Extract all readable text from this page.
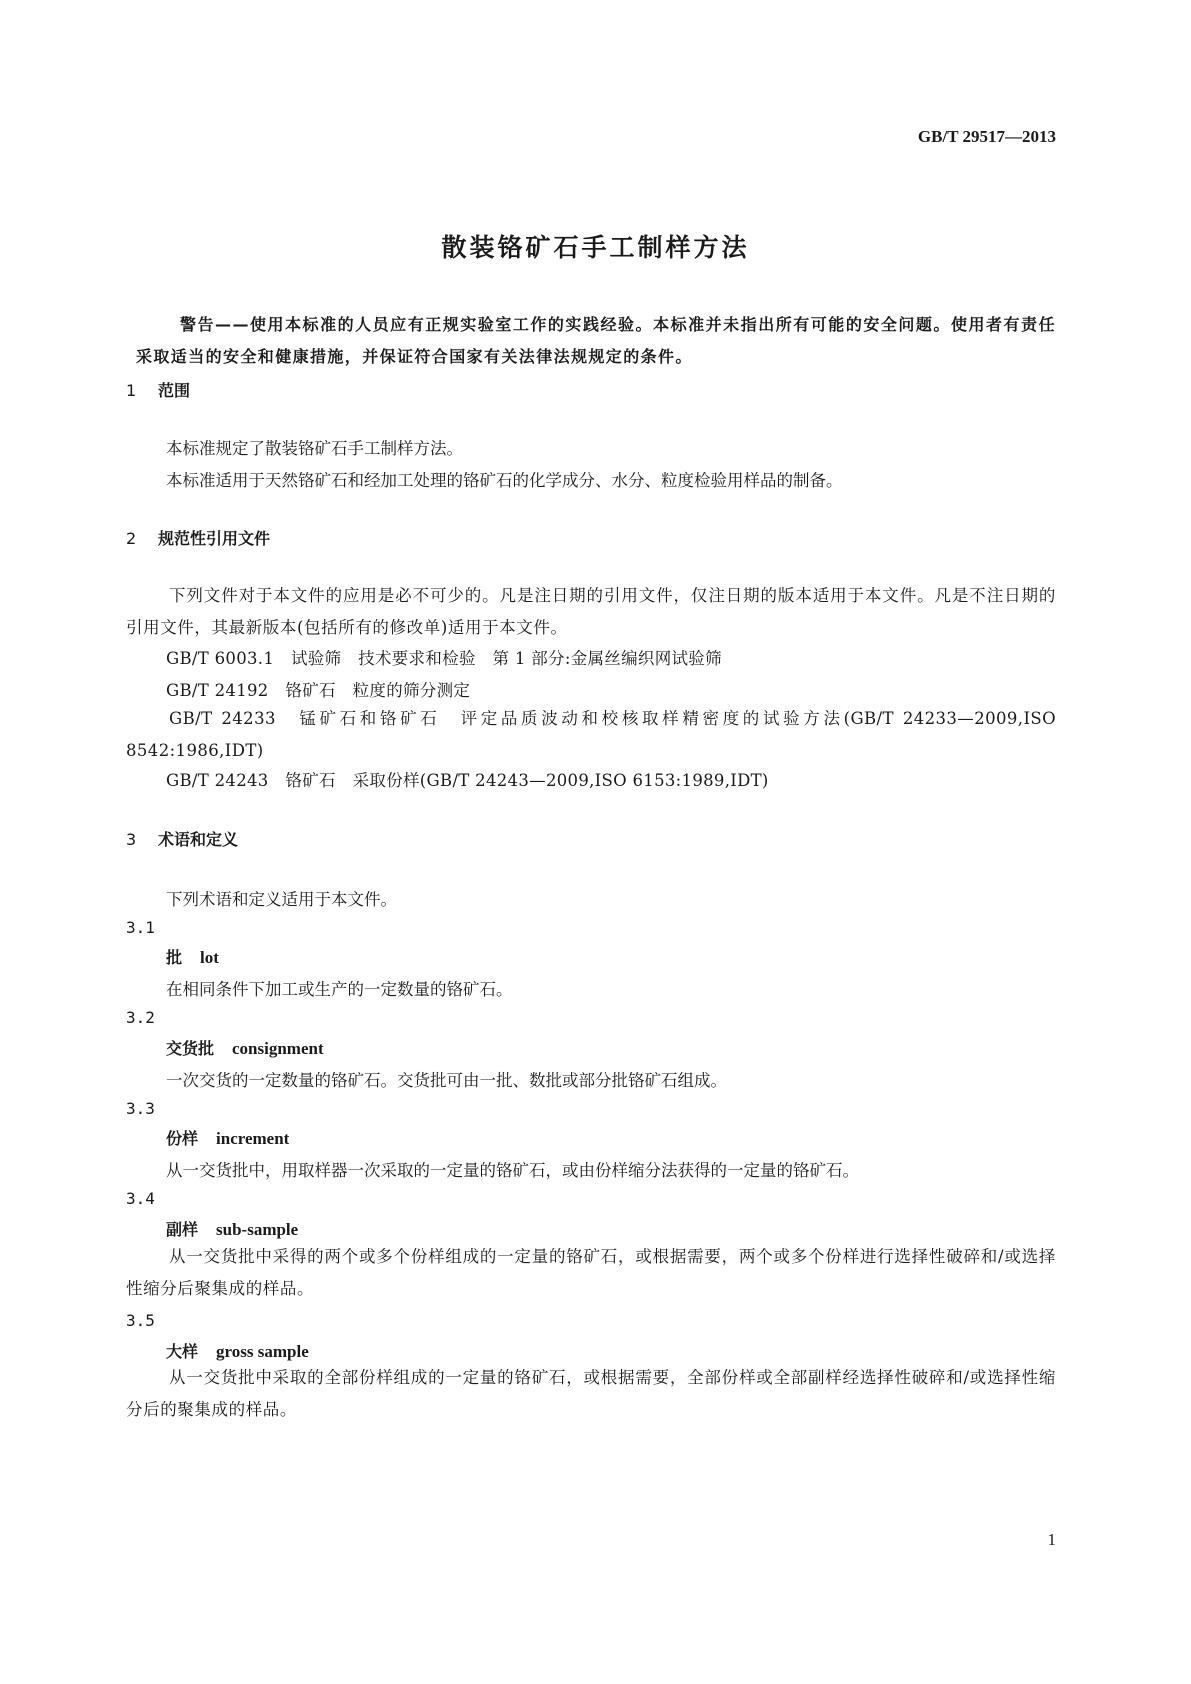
GB/T 29517—2013
散装铬矿石手工制样方法
警告——使用本标准的人员应有正规实验室工作的实践经验。本标准并未指出所有可能的安全问题。使用者有责任采取适当的安全和健康措施，并保证符合国家有关法律法规规定的条件。
1 范围
本标准规定了散装铬矿石手工制样方法。
本标准适用于天然铬矿石和经加工处理的铬矿石的化学成分、水分、粒度检验用样品的制备。
2 规范性引用文件
下列文件对于本文件的应用是必不可少的。凡是注日期的引用文件，仅注日期的版本适用于本文件。凡是不注日期的引用文件，其最新版本(包括所有的修改单)适用于本文件。
GB/T 6003.1　试验筛　技术要求和检验　第 1 部分:金属丝编织网试验筛
GB/T 24192　铬矿石　粒度的筛分测定
GB/T 24233　锰矿石和铬矿石　评定品质波动和校核取样精密度的试验方法(GB/T 24233—2009,ISO 8542:1986,IDT)
GB/T 24243　铬矿石　采取份样(GB/T 24243—2009,ISO 6153:1989,IDT)
3 术语和定义
下列术语和定义适用于本文件。
3.1
批 lot
在相同条件下加工或生产的一定数量的铬矿石。
3.2
交货批 consignment
一次交货的一定数量的铬矿石。交货批可由一批、数批或部分批铬矿石组成。
3.3
份样 increment
从一交货批中，用取样器一次采取的一定量的铬矿石，或由份样缩分法获得的一定量的铬矿石。
3.4
副样 sub-sample
从一交货批中采得的两个或多个份样组成的一定量的铬矿石，或根据需要，两个或多个份样进行选择性破碎和/或选择性缩分后聚集成的样品。
3.5
大样 gross sample
从一交货批中采取的全部份样组成的一定量的铬矿石，或根据需要，全部份样或全部副样经选择性破碎和/或选择性缩分后的聚集成的样品。
1
